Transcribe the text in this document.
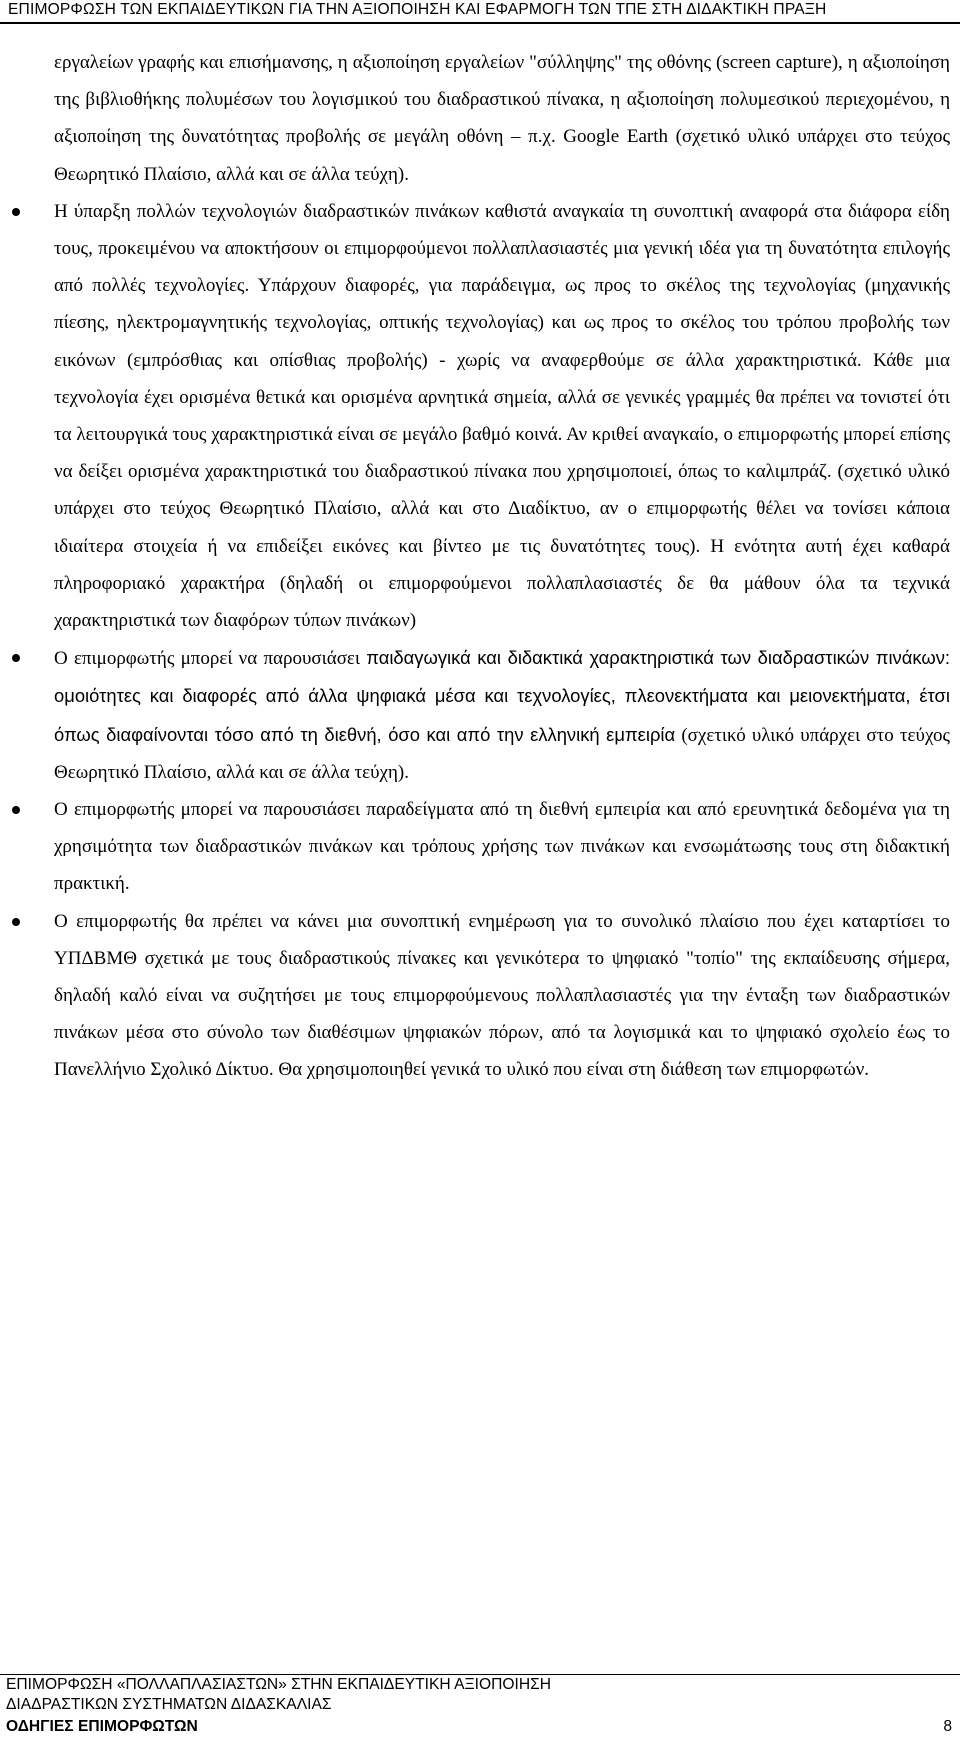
ΕΠΙΜΟΡΦΩΣΗ ΤΩΝ ΕΚΠΑΙΔΕΥΤΙΚΩΝ ΓΙΑ ΤΗΝ ΑΞΙΟΠΟΙΗΣΗ ΚΑΙ ΕΦΑΡΜΟΓΗ ΤΩΝ ΤΠΕ ΣΤΗ ΔΙΔΑΚΤΙΚΗ ΠΡΑΞΗ

εργαλείων γραφής και επισήμανσης, η αξιοποίηση εργαλείων "σύλληψης" της οθόνης (screen capture), η αξιοποίηση της βιβλιοθήκης πολυμέσων του λογισμικού του διαδραστικού πίνακα, η αξιοποίηση πολυμεσικού περιεχομένου, η αξιοποίηση της δυνατότητας προβολής σε μεγάλη οθόνη – π.χ. Google Earth (σχετικό υλικό υπάρχει στο τεύχος Θεωρητικό Πλαίσιο, αλλά και σε άλλα τεύχη).

Η ύπαρξη πολλών τεχνολογιών διαδραστικών πινάκων καθιστά αναγκαία τη συνοπτική αναφορά στα διάφορα είδη τους, προκειμένου να αποκτήσουν οι επιμορφούμενοι πολλαπλασιαστές μια γενική ιδέα για τη δυνατότητα επιλογής από πολλές τεχνολογίες. Υπάρχουν διαφορές, για παράδειγμα, ως προς το σκέλος της τεχνολογίας (μηχανικής πίεσης, ηλεκτρομαγνητικής τεχνολογίας, οπτικής τεχνολογίας) και ως προς το σκέλος του τρόπου προβολής των εικόνων (εμπρόσθιας και οπίσθιας προβολής) - χωρίς να αναφερθούμε σε άλλα χαρακτηριστικά. Κάθε μια τεχνολογία έχει ορισμένα θετικά και ορισμένα αρνητικά σημεία, αλλά σε γενικές γραμμές θα πρέπει να τονιστεί ότι τα λειτουργικά τους χαρακτηριστικά είναι σε μεγάλο βαθμό κοινά. Αν κριθεί αναγκαίο, ο επιμορφωτής μπορεί επίσης να δείξει ορισμένα χαρακτηριστικά του διαδραστικού πίνακα που χρησιμοποιεί, όπως το καλιμπράζ. (σχετικό υλικό υπάρχει στο τεύχος Θεωρητικό Πλαίσιο, αλλά και στο Διαδίκτυο, αν ο επιμορφωτής θέλει να τονίσει κάποια ιδιαίτερα στοιχεία ή να επιδείξει εικόνες και βίντεο με τις δυνατότητες τους). Η ενότητα αυτή έχει καθαρά πληροφοριακό χαρακτήρα (δηλαδή οι επιμορφούμενοι πολλαπλασιαστές δε θα μάθουν όλα τα τεχνικά χαρακτηριστικά των διαφόρων τύπων πινάκων)

Ο επιμορφωτής μπορεί να παρουσιάσει παιδαγωγικά και διδακτικά χαρακτηριστικά των διαδραστικών πινάκων: ομοιότητες και διαφορές από άλλα ψηφιακά μέσα και τεχνολογίες, πλεονεκτήματα και μειονεκτήματα, έτσι όπως διαφαίνονται τόσο από τη διεθνή, όσο και από την ελληνική εμπειρία (σχετικό υλικό υπάρχει στο τεύχος Θεωρητικό Πλαίσιο, αλλά και σε άλλα τεύχη).

Ο επιμορφωτής μπορεί να παρουσιάσει παραδείγματα από τη διεθνή εμπειρία και από ερευνητικά δεδομένα για τη χρησιμότητα των διαδραστικών πινάκων και τρόπους χρήσης των πινάκων και ενσωμάτωσης τους στη διδακτική πρακτική.

Ο επιμορφωτής θα πρέπει να κάνει μια συνοπτική ενημέρωση για το συνολικό πλαίσιο που έχει καταρτίσει το ΥΠΔΒΜΘ σχετικά με τους διαδραστικούς πίνακες και γενικότερα το ψηφιακό "τοπίο" της εκπαίδευσης σήμερα, δηλαδή καλό είναι να συζητήσει με τους επιμορφούμενους πολλαπλασιαστές για την ένταξη των διαδραστικών πινάκων μέσα στο σύνολο των διαθέσιμων ψηφιακών πόρων, από τα λογισμικά και το ψηφιακό σχολείο έως το Πανελλήνιο Σχολικό Δίκτυο. Θα χρησιμοποιηθεί γενικά το υλικό που είναι στη διάθεση των επιμορφωτών.

ΕΠΙΜΟΡΦΩΣΗ «ΠΟΛΛΑΠΛΑΣΙΑΣΤΩΝ» ΣΤΗΝ ΕΚΠΑΙΔΕΥΤΙΚΗ ΑΞΙΟΠΟΙΗΣΗ
ΔΙΑΔΡΑΣΤΙΚΩΝ ΣΥΣΤΗΜΑΤΩΝ ΔΙΔΑΣΚΑΛΙΑΣ
ΟΔΗΓΙΕΣ ΕΠΙΜΟΡΦΩΤΩΝ	8
